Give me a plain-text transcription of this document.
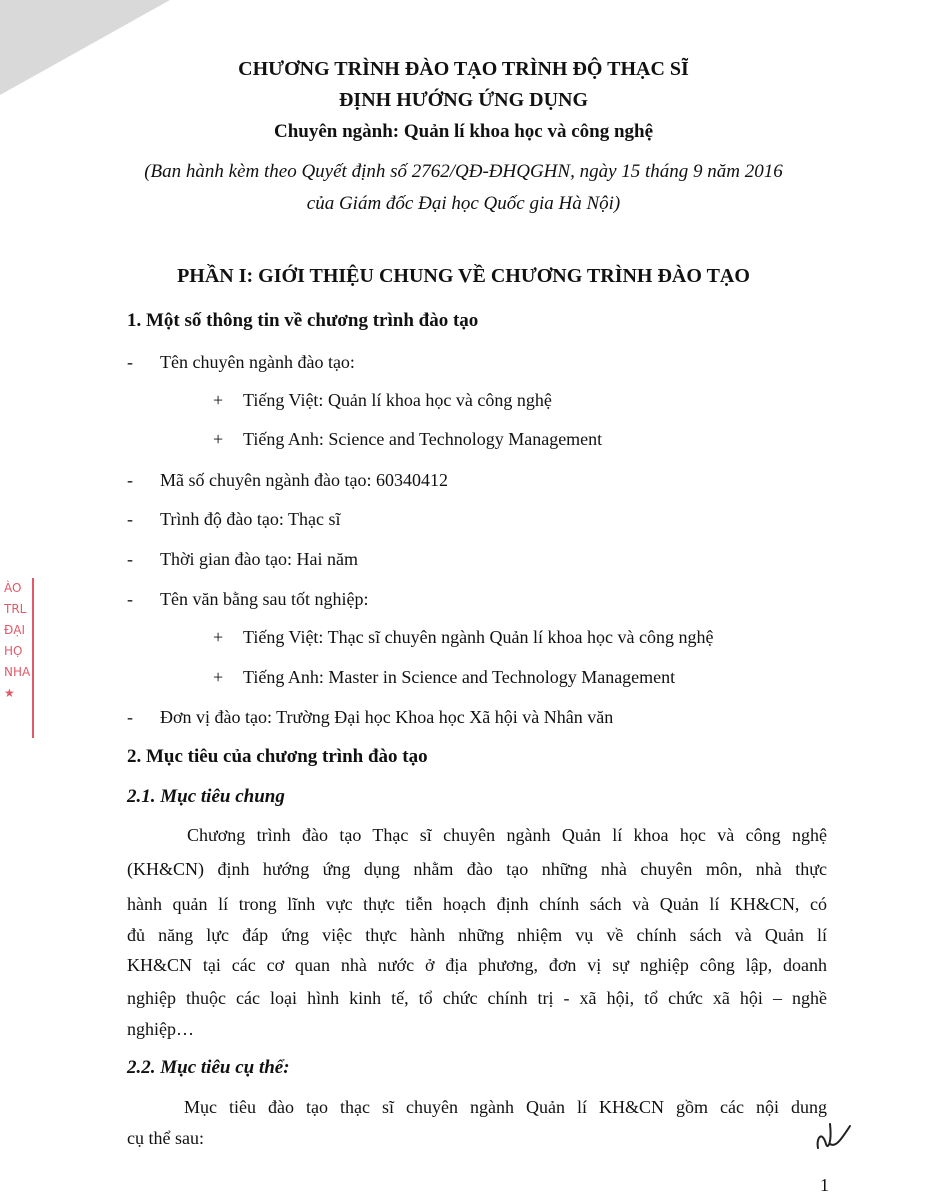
ÀO
TRL
ĐẠI
HỌ
NHA
★
CHƯƠNG TRÌNH ĐÀO TẠO TRÌNH ĐỘ THẠC SĨ
ĐỊNH HƯỚNG ỨNG DỤNG
Chuyên ngành: Quản lí khoa học và công nghệ
(Ban hành kèm theo Quyết định số 2762/QĐ-ĐHQGHN, ngày 15 tháng 9 năm 2016
của Giám đốc Đại học Quốc gia Hà Nội)
PHẦN I: GIỚI THIỆU CHUNG VỀ CHƯƠNG TRÌNH ĐÀO TẠO
1. Một số thông tin về chương trình đào tạo
- Tên chuyên ngành đào tạo:
+ Tiếng Việt: Quản lí khoa học và công nghệ
+ Tiếng Anh: Science and Technology Management
- Mã số chuyên ngành đào tạo: 60340412
- Trình độ đào tạo: Thạc sĩ
- Thời gian đào tạo: Hai năm
- Tên văn bằng sau tốt nghiệp:
+ Tiếng Việt: Thạc sĩ chuyên ngành Quản lí khoa học và công nghệ
+ Tiếng Anh: Master in Science and Technology Management
- Đơn vị đào tạo: Trường Đại học Khoa học Xã hội và Nhân văn
2. Mục tiêu của chương trình đào tạo
2.1. Mục tiêu chung
Chương trình đào tạo Thạc sĩ chuyên ngành Quản lí khoa học và công nghệ
(KH&CN) định hướng ứng dụng nhằm đào tạo những nhà chuyên môn, nhà thực
hành quản lí trong lĩnh vực thực tiễn hoạch định chính sách và Quản lí KH&CN, có
đủ năng lực đáp ứng việc thực hành những nhiệm vụ về chính sách và Quản lí
KH&CN tại các cơ quan nhà nước ở địa phương, đơn vị sự nghiệp công lập, doanh
nghiệp thuộc các loại hình kinh tế, tổ chức chính trị - xã hội, tổ chức xã hội – nghề
nghiệp…
2.2. Mục tiêu cụ thể:
Mục tiêu đào tạo thạc sĩ chuyên ngành Quản lí KH&CN gồm các nội dung
cụ thể sau:
1
